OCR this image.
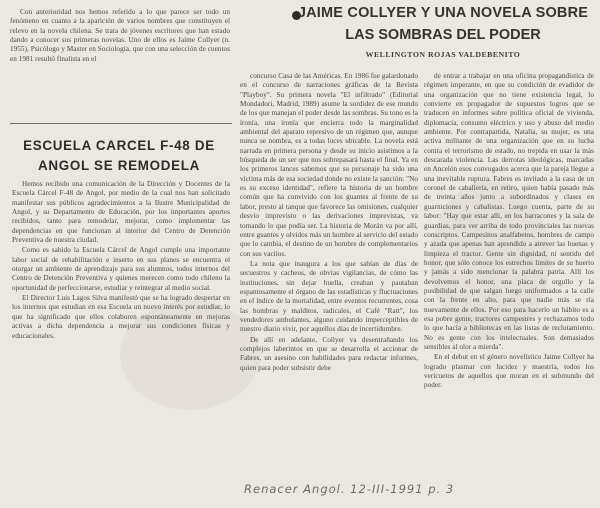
Con anterioridad nos hemos referido a lo que parece ser todo un fenómeno en cuanto a la aparición de varios nombres que constituyen el relevo en la novela chilena. Se trata de jóvenes escritores que han estado dando a conocer sus primeras novelas. Uno de ellos es Jaime Collyer (n. 1955), Psicólogo y Master en Sociología, que con una selección de cuentos en 1981 resultó finalista en el

ESCUELA CARCEL F-48 DE
ANGOL SE REMODELA

Hemos recibido una comunicación de la Dirección y Docentes de la Escuela Cárcel F-48 de Angol, por medio de la cual nos han solicitado manifestar sus públicos agradecimientos a la Ilustre Municipalidad de Angol, y su Departamento de Educación, por los importantes aportes recibidos, tanto para remodelar, mejorar, como implementar las dependencias en que funcionan al interior del Centro de Detención Preventiva de nuestra ciudad.

Como es sabido la Escuela Cárcel de Angol cumple una importante labor social de rehabilitación e inserto en sus planes se encuentra el otorgar un ambiente de aprendizaje para sus alumnos, todos internos del Centro de Detención Preventiva y quienes merecen como todo chileno la oportunidad de perfeccionarse, estudiar y reintegrar al medio social.

El Director Luis Lagos Silva manifestó que se ha logrado despertar en los internos que estudian en esa Escuela un nuevo interés por estudiar, lo que ha significado que ellos colaboren espontáneamente en mejoras activas a dicha dependencia a mejorar sus condiciones físicas y educacionales.

JAIME COLLYER Y UNA NOVELA SOBRE
LAS SOMBRAS DEL PODER
WELLINGTON ROJAS VALDEBENITO

concurso Casa de las Américas. En 1986 fue galardonado en el concurso de narraciones gráficas de la Revista "Playboy". Su primera novela "El infiltrado" (Editorial Mondadori, Madrid, 1989) asume la sordidez de ese mundo de los que manejan el poder desde las sombras. Su tono es la ironía, una ironía que encierra todo la marginalidad ambiental del aparato represivo de un régimen que, aunque nunca se nombra, es a todas luces ubicable. La novela está narrada en primera persona y desde su inicio asistimos a la búsqueda de un ser que nos sobrepasará hasta el final. Ya en los primeros lances sabemos que su personaje ha sido una víctima más de esa sociedad donde no existe la sanción: "No es su exceso identidad", refiere la historia de un hombre común que ha convivido con los guantes al frente de su labor, presto al tanque que favorece las omisiones, cualquier desvío imprevisto o las derivaciones imprevistas, va tomando lo que podía ser. La historia de Morán va por allí, entre guantes y olvidos más un hombre al servicio del estado que lo cambia, el destino de un hombre de complementarios con sus vaciíos.

La nota que inaugura a los que sabían de días de secuestros y cacheos, de obvias vigilancias, de cómo las instituciones, sin dejar huella, creaban y pautaban espantosamente el órgano de las estadísticas y fluctuaciones en el índice de la mortalidad, entre eventos recurrentes, cosa las hombras y malditos, radicales, el Café "Ratt", los vendedores ambulantes, alguno cuidando imperceptibles de nuestro diario vivir, por aquellos días de incertidumbre.

De allí en adelante, Collyer va desentrañando los complejos laberintos en que se desarrolla el accionar de Fabres, un asesino con habilidades para redactar informes, quien para poder subsistir debe

de entrar a trabajar en una oficina propagandística de régimen imperante, en que su condición de evadidor de una organización que no tiene existencia legal, lo convierte en propagador de supuestos logros que se traducen en informes sobre política oficial de vivienda, diplomacia, consumo eléctrico y uso y abuso del medio ambiente. Por contrapartida, Natalia, su mujer, es una activa militante de una organización que en su lucha contra el terrorismo de estado, no trepida en usar la más descarada violencia. Las derrotas ideológicas, marcadas en Ancelón esos convugados acerca que la pareja llegue a una inevitable ruptura. Fabres es invitado a la casa de un coronel de caballería, en retiro, quien había pasado más de treinta años junto a subordinados y clases en guarniciones y cabalistas. Luego cuenta, parte de su labor: "Hay que estar allí, en los barracones y la sala de guardias, para ver arriba de todo provinciales las nuevas conscriptos. Campesinos analfabetos, hombres de campo y azada que apenas han aprendido a atrever las buenas y limpieza el tractor. Gente sin dignidad, ni sentido del honor, que sólo conoce los estrechos límites de su huerto y jamás a sido mencionar la palabra patria. Allí los devolvemos el honor, una placa de orgullo y la posibilidad de que salgan luego uniformados a la calle con la frente en alto, para que nadie más se ría nuevamente de ellos. Por eso para hacerlo un hábito es a esa pobre gente, tractores campestres y rechazamos todo lo que hacía a bibliotecas en las listas de reclutamiento. No es gente con los intelectuales. Son demasiados sensibles al olor a mierda".

En el debut en el género novelístico Jaime Collyer ha logrado plasmar con lucidez y maestría, todos los vericuetos de aquellos que moran en el submundo del poder.

Renacer Angol. 12-III-1991 p. 3
